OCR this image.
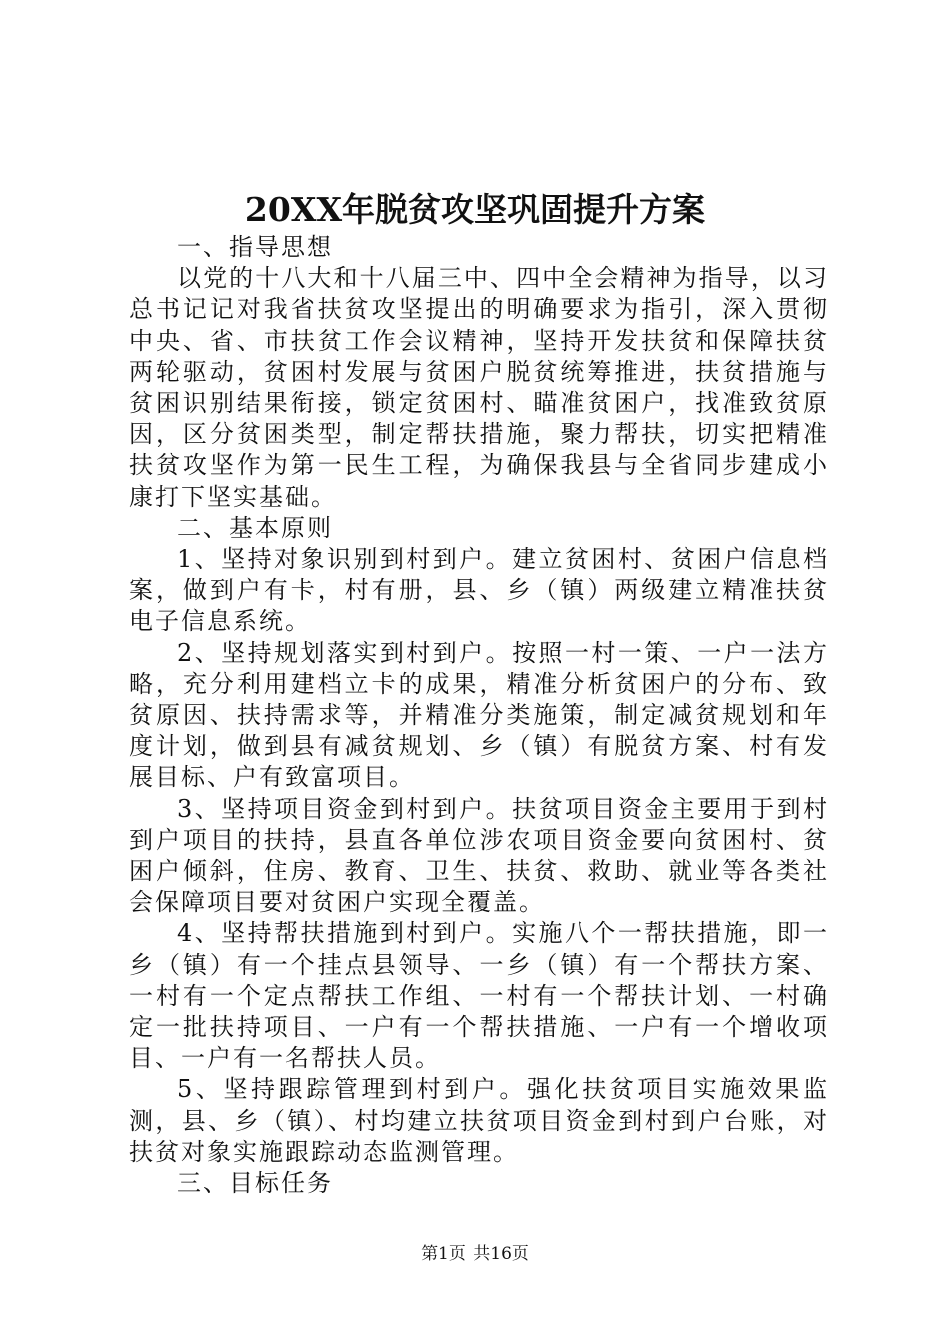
20XX年脱贫攻坚巩固提升方案

一、指导思想

以党的十八大和十八届三中、四中全会精神为指导，以习总书记记对我省扶贫攻坚提出的明确要求为指引，深入贯彻中央、省、市扶贫工作会议精神，坚持开发扶贫和保障扶贫两轮驱动，贫困村发展与贫困户脱贫统筹推进，扶贫措施与贫困识别结果衔接，锁定贫困村、瞄准贫困户，找准致贫原因，区分贫困类型，制定帮扶措施，聚力帮扶，切实把精准扶贫攻坚作为第一民生工程，为确保我县与全省同步建成小康打下坚实基础。

二、基本原则

1、坚持对象识别到村到户。建立贫困村、贫困户信息档案，做到户有卡，村有册，县、乡（镇）两级建立精准扶贫电子信息系统。

2、坚持规划落实到村到户。按照一村一策、一户一法方略，充分利用建档立卡的成果，精准分析贫困户的分布、致贫原因、扶持需求等，并精准分类施策，制定减贫规划和年度计划，做到县有减贫规划、乡（镇）有脱贫方案、村有发展目标、户有致富项目。

3、坚持项目资金到村到户。扶贫项目资金主要用于到村到户项目的扶持，县直各单位涉农项目资金要向贫困村、贫困户倾斜，住房、教育、卫生、扶贫、救助、就业等各类社会保障项目要对贫困户实现全覆盖。

4、坚持帮扶措施到村到户。实施八个一帮扶措施，即一乡（镇）有一个挂点县领导、一乡（镇）有一个帮扶方案、一村有一个定点帮扶工作组、一村有一个帮扶计划、一村确定一批扶持项目、一户有一个帮扶措施、一户有一个增收项目、一户有一名帮扶人员。

5、坚持跟踪管理到村到户。强化扶贫项目实施效果监测，县、乡（镇）、村均建立扶贫项目资金到村到户台账，对扶贫对象实施跟踪动态监测管理。

三、目标任务

第1页 共16页
